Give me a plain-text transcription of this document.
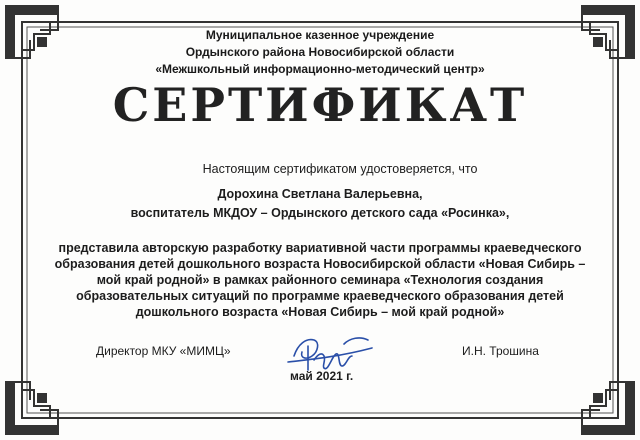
Муниципальное казенное учреждение
Ордынского района Новосибирской области
«Межшкольный информационно-методический центр»
СЕРТИФИКАТ
Настоящим сертификатом удостоверяется, что
Дорохина Светлана Валерьевна,
воспитатель МКДОУ – Ордынского детского сада «Росинка»,
представила авторскую разработку вариативной части программы краеведческого
образования детей дошкольного возраста Новосибирской области «Новая Сибирь –
мой край родной» в рамках районного семинара «Технология создания
образовательных ситуаций по программе краеведческого образования детей
дошкольного возраста «Новая Сибирь – мой край родной»
Директор МКУ «МИМЦ»
май 2021 г.
И.Н. Трошина
